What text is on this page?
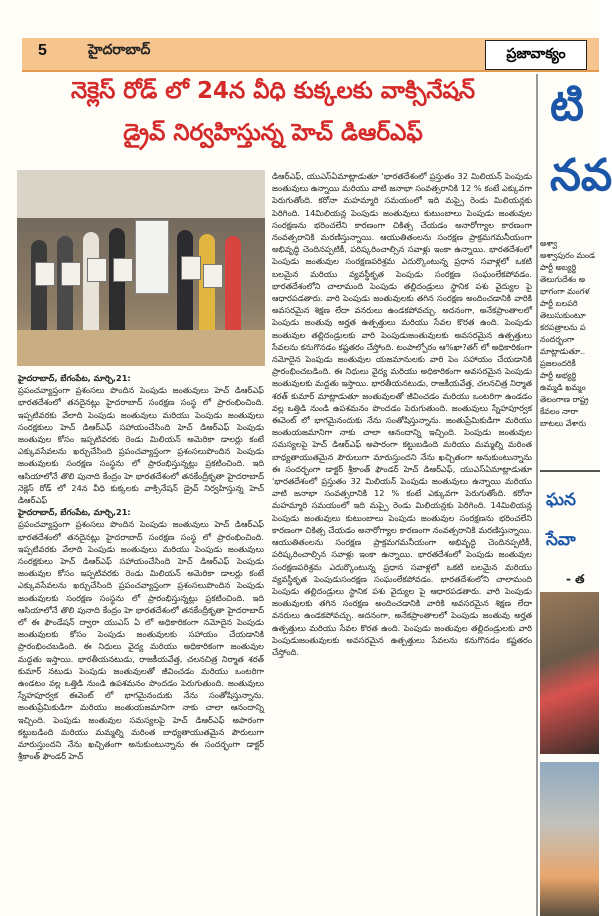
5	హైదరాబాద్	ప్రజావాక్యం
నెక్లెస్ రోడ్ లో 24న వీధి కుక్కలకు వాక్సినేషన్
డ్రైవ్ నిర్వహిస్తున్న హెచ్ డిఆర్ఎఫ్

హైదరాబాద్, బేగంపేట, మార్చి,21:

ప్రపంచవ్యాప్తంగా ప్రశంసలు పొందిన పెంపుడు జంతువులు హెచ్ డిఆర్ఎఫ్ భారతదేశంలో తనదైనట్లు హైదరాబాద్ సంరక్షణ సంస్థ లో ప్రారంభించింది. ఇప్పటివరకు వేలాది పెంపుడు జంతువులు మరియు పెంపుడు జంతువులు సంరక్షకులు హెచ్ డిఆర్ఎఫ్ సహాయంచేసింది హెచ్ డిఆర్ఎఫ్ పెంపుడు జంతువుల కోసం ఇప్పటివరకు రెండు మిలియన్ అమెరికా డాలర్లు కంటే ఎక్కువసేవలను ఖర్చుచేసింది ప్రపంచవ్యాప్తంగా ప్రశంసలుపొందిన పెంపుడు జంతువులకు సంరక్షణ సంస్థను లో ప్రారంభిస్తున్నట్లు ప్రకటించింది. ఇది ఆసియాలోనే తొలి పునాది కేంద్రం హె భారతదేశంలో తనకేంద్రీకృతా హైదరాబాద్ నెక్లెస్ రోడ్ లో 24న వీధి కుక్కలకు వాక్సినేషన్ డ్రైవ్ నిర్వహిస్తున్న హెచ్ డిఆర్ఎఫ్

హైదరాబాద్, బేగంపేట, మార్చి,21:

ప్రపంచవ్యాప్తంగా ప్రశంసలు పొందిన పెంపుడు జంతువులు హెచ్ డిఆర్ఎఫ్ భారతదేశంలో తనదైనట్లు హైదరాబాద్ సంరక్షణ సంస్థ లో ప్రారంభించింది. ఇప్పటివరకు వేలాది పెంపుడు జంతువులు మరియు పెంపుడు జంతువులు సంరక్షకులు హెచ్ డిఆర్ఎఫ్ సహాయంచేసింది హెచ్ డిఆర్ఎఫ్ పెంపుడు జంతువుల కోసం ఇప్పటివరకు రెండు మిలియన్ అమెరికా డాలర్లు కంటే ఎక్కువసేవలను ఖర్చుచేసింది ప్రపంచవ్యాప్తంగా ప్రశంసలుపొందిన పెంపుడు జంతువులకు సంరక్షణ సంస్థను లో ప్రారంభిస్తున్నట్లు ప్రకటించింది. ఇది ఆసియాలోనే తొలి పునాది కేంద్రం హె భారతదేశంలో తనకేంద్రీకృతా హైదరాబాద్ లో ఈ ఫౌండేషన్ ద్వారా యుఎస్ ఏ లో అధికారికంగా నమోదైన పెంపుడు జంతువులకు కోసం పెంపుడు జంతువులకు సహాయం చేయడానికి ప్రారంభించబడింది. ఈ నిధులు వైద్య మరియు అధికారికంగా జంతువుల మద్దతు ఇస్తాయి. భారతీయనటుడు, రాజకీయవేత్త, చలనచిత్ర నిర్మాత శరత్ కుమార్ నటుడు పెంపుడు జంతువులతో జీవించడం మరియు ఒంటరిగా ఉండటం వల్ల ఒత్తిడి నుండి ఉపశమనం పొందడం పెరుగుతుంది. జంతువులు స్నేహపూర్వక ఈవెంట్ లో భాగమైనందుకు నేను సంతోషిస్తున్నాను. జంతుప్రేమికుడిగా మరియు జంతుయజమానిగా నాకు చాలా ఆనందాన్ని ఇచ్చింది. పెంపుడు జంతువుల సమస్యలపై హెచ్ డిఆర్ఎఫ్ అపారంగా కట్టుబడింది మరియు మమ్మల్ని మరింత బాధ్యతాయుతమైన పౌరులుగా మారుస్తుందని నేను ఖచ్చితంగా అనుకుంటున్నాను ఈ సందర్భంగా డాక్టర్ శ్రీకాంత్ ఫౌండర్ హెచ్

డిఆర్ఎఫ్, యుఎస్ఏమాట్లాడుతూ 'భారతదేశంలో ప్రస్తుతం 32 మిలియన్ పెంపుడు జంతువులు ఉన్నాయి మరియు వాటి జనాభా సంవత్సరానికి 12 % కంటే ఎక్కువగా పెరుగుతోంది. కరోనా మహమ్మారి సమయంలో ఇది మప్పై రెండు మిలియన్లకు పెరిగింది. 14మిలియన్ల పెంపుడు జంతువులు కుటుంబాలు పెంపుడు జంతువుల సంరక్షణను భరించలేని కారణంగా చికిత్స చేయడం అనారోగ్యాల కారణంగా నంవత్సరానికి మరణిస్తున్నాయి. ఆయుతితంలను సంరక్షణ ప్రాక్రమగమనీయంగా అభివృద్ధి చెందినప్పటికీ, పరిష్కరించాల్సిన సవాళ్లు ఇంకా ఉన్నాయి. భారతదేశంలో పెంపుడు జంతువుల సంరక్షణపరిశ్రమ ఎదుర్కొంటున్న ప్రధాన సవాళ్లలో ఒకటి బలమైన మరియు వ్యవస్థీకృత పెంపుడు సంరక్షణ సంఘంలేకపోవడం. భారతదేశంలోని చాలామంది పెంపుడు తల్లిదండ్రులు స్థానిక పశు వైద్యుల పై ఆధారపడతారు. వారి పెంపుడు జంతువులకు తగిన సంరక్షణ అందించడానికి వారికి అవసరమైన శిక్షణ లేదా వనరులు ఉండకపోవచ్చు. అదనంగా, అనేకప్రాంతాలలో పెంపుడు జంతువు అర్హత ఉత్పత్తులు మరియు సేవల కొరత ఉంది. పెంపుడు జంతువుల తల్లిదండ్రులకు వారి పెంపుడుజంతువులకు అవసరమైన ఉత్పత్తులు సేవలను కనుగొనడం కష్టతరం చేస్తోంది. టంపాల్పోరం ఆ%ఖా?తగ్ లో అధికారికంగా నమోదైన పెంపుడు జంతువుల యజమానులకు వారి పెం సహాయం చేయడానికి ప్రారంభించబడింది. ఈ నిధులు వైద్య మరియు అధికారికంగా అవసరమైన పెంపుడు జంతువులకు మద్దతు ఇస్తాయి. భారతీయనటుడు, రాజకీయవేత్త, చలనచిత్ర నిర్మాత శరత్ కుమార్ మాట్లాడుతూ జంతువులతో జీవించడం మరియు ఒంటరిగా ఉండడం వల్ల ఒత్తిడి నుండి ఉపశమనం పొందడం పెరుగుతుంది. జంతువులు స్నేహపూర్వక ఈవెంట్ లో భాగమైనందుకు నేను సంతోషిస్తున్నాను. జంతుప్రేమికుడిగా మరియు జంతుయజమానిగా నాకు చాలా ఆనందాన్ని ఇచ్చింది. పెంపుడు జంతువుల సమస్యలపై హెచ్ డిఆర్ఎఫ్ అపారంగా కట్టుబడింది మరియు మమ్మల్ని మరింత బాధ్యతాయుతమైన పౌరులుగా మారుస్తుందని నేను ఖచ్చితంగా అనుకుంటున్నాను ఈ సందర్భంగా డాక్టర్ శ్రీకాంత్ ఫౌండర్ హెచ్ డిఆర్ఎఫ్, యుఎస్ఏమాట్లాడుతూ 'భారతదేశంలో ప్రస్తుతం 32 మిలియన్ పెంపుడు జంతువులు ఉన్నాయి మరియు వాటి జనాభా సంవత్సరానికి 12 % కంటే ఎక్కువగా పెరుగుతోంది. కరోనా మహమ్మారి సమయంలో ఇది మప్పై రెండు మిలియన్లకు పెరిగింది. 14మిలియన్ల పెంపుడు జంతువులు కుటుంబాలు పెంపుడు జంతువుల సంరక్షణను భరించలేని కారణంగా చికిత్స చేయడం అనారోగ్యాల కారణంగా నంవత్సరానికి మరణిస్తున్నాయి. ఆయుతితంలను సంరక్షణ ప్రాక్రమగమనీయంగా అభివృద్ధి చెందినప్పటికీ, పరిష్కరించాల్సిన సవాళ్లు ఇంకా ఉన్నాయి. భారతదేశంలో పెంపుడు జంతువుల సంరక్షణపరిశ్రమ ఎదుర్కొంటున్న ప్రధాన సవాళ్లలో ఒకటి బలమైన మరియు వ్యవస్థీకృత పెంపుడుసంరక్షణ సంఘంలేకపోవడం. భారతదేశంలోని చాలామంది పెంపుడు తల్లిదండ్రులు స్థానిక పశు వైద్యుల పై ఆధారపడతారు. వారి పెంపుడు జంతువులకు తగిన సంరక్షణ అందించడానికి వారికి అవసరమైన శిక్షణ లేదా వనరులు ఉండకపోవచ్చు. అదనంగా, అనేకప్రాంతాలలో పెంపుడు జంతువు అర్హత ఉత్పత్తులు మరియు సేవల కొరత ఉంది. పెంపుడు జంతువుల తల్లిదండ్రులకు వారి పెంపుడుజంతువులకు అవసరమైన ఉత్పత్తులు సేవలను కనుగొనడం కష్టతరం చేస్తోంది.

టి
నవ

అశ్వా

అశ్వాపురం మండ

పార్టీ అబ్యర్థి

తెలుగుదేశం అ

భాగంగా మంగళ

పార్టీ బలపరి

తెలుసుకుంటూ

కరపత్రాలను ప

నందర్భంగా

మాట్లాడుతూ..

ప్రజలందరికీ

పార్టీ అభ్యర్థి

ఉమ్మడి ఖమ్మం

తెలంగాణ రాష్ట్ర

కేవలం నారా

బాటలు వేశారు

ఘన
సేవా
- త
